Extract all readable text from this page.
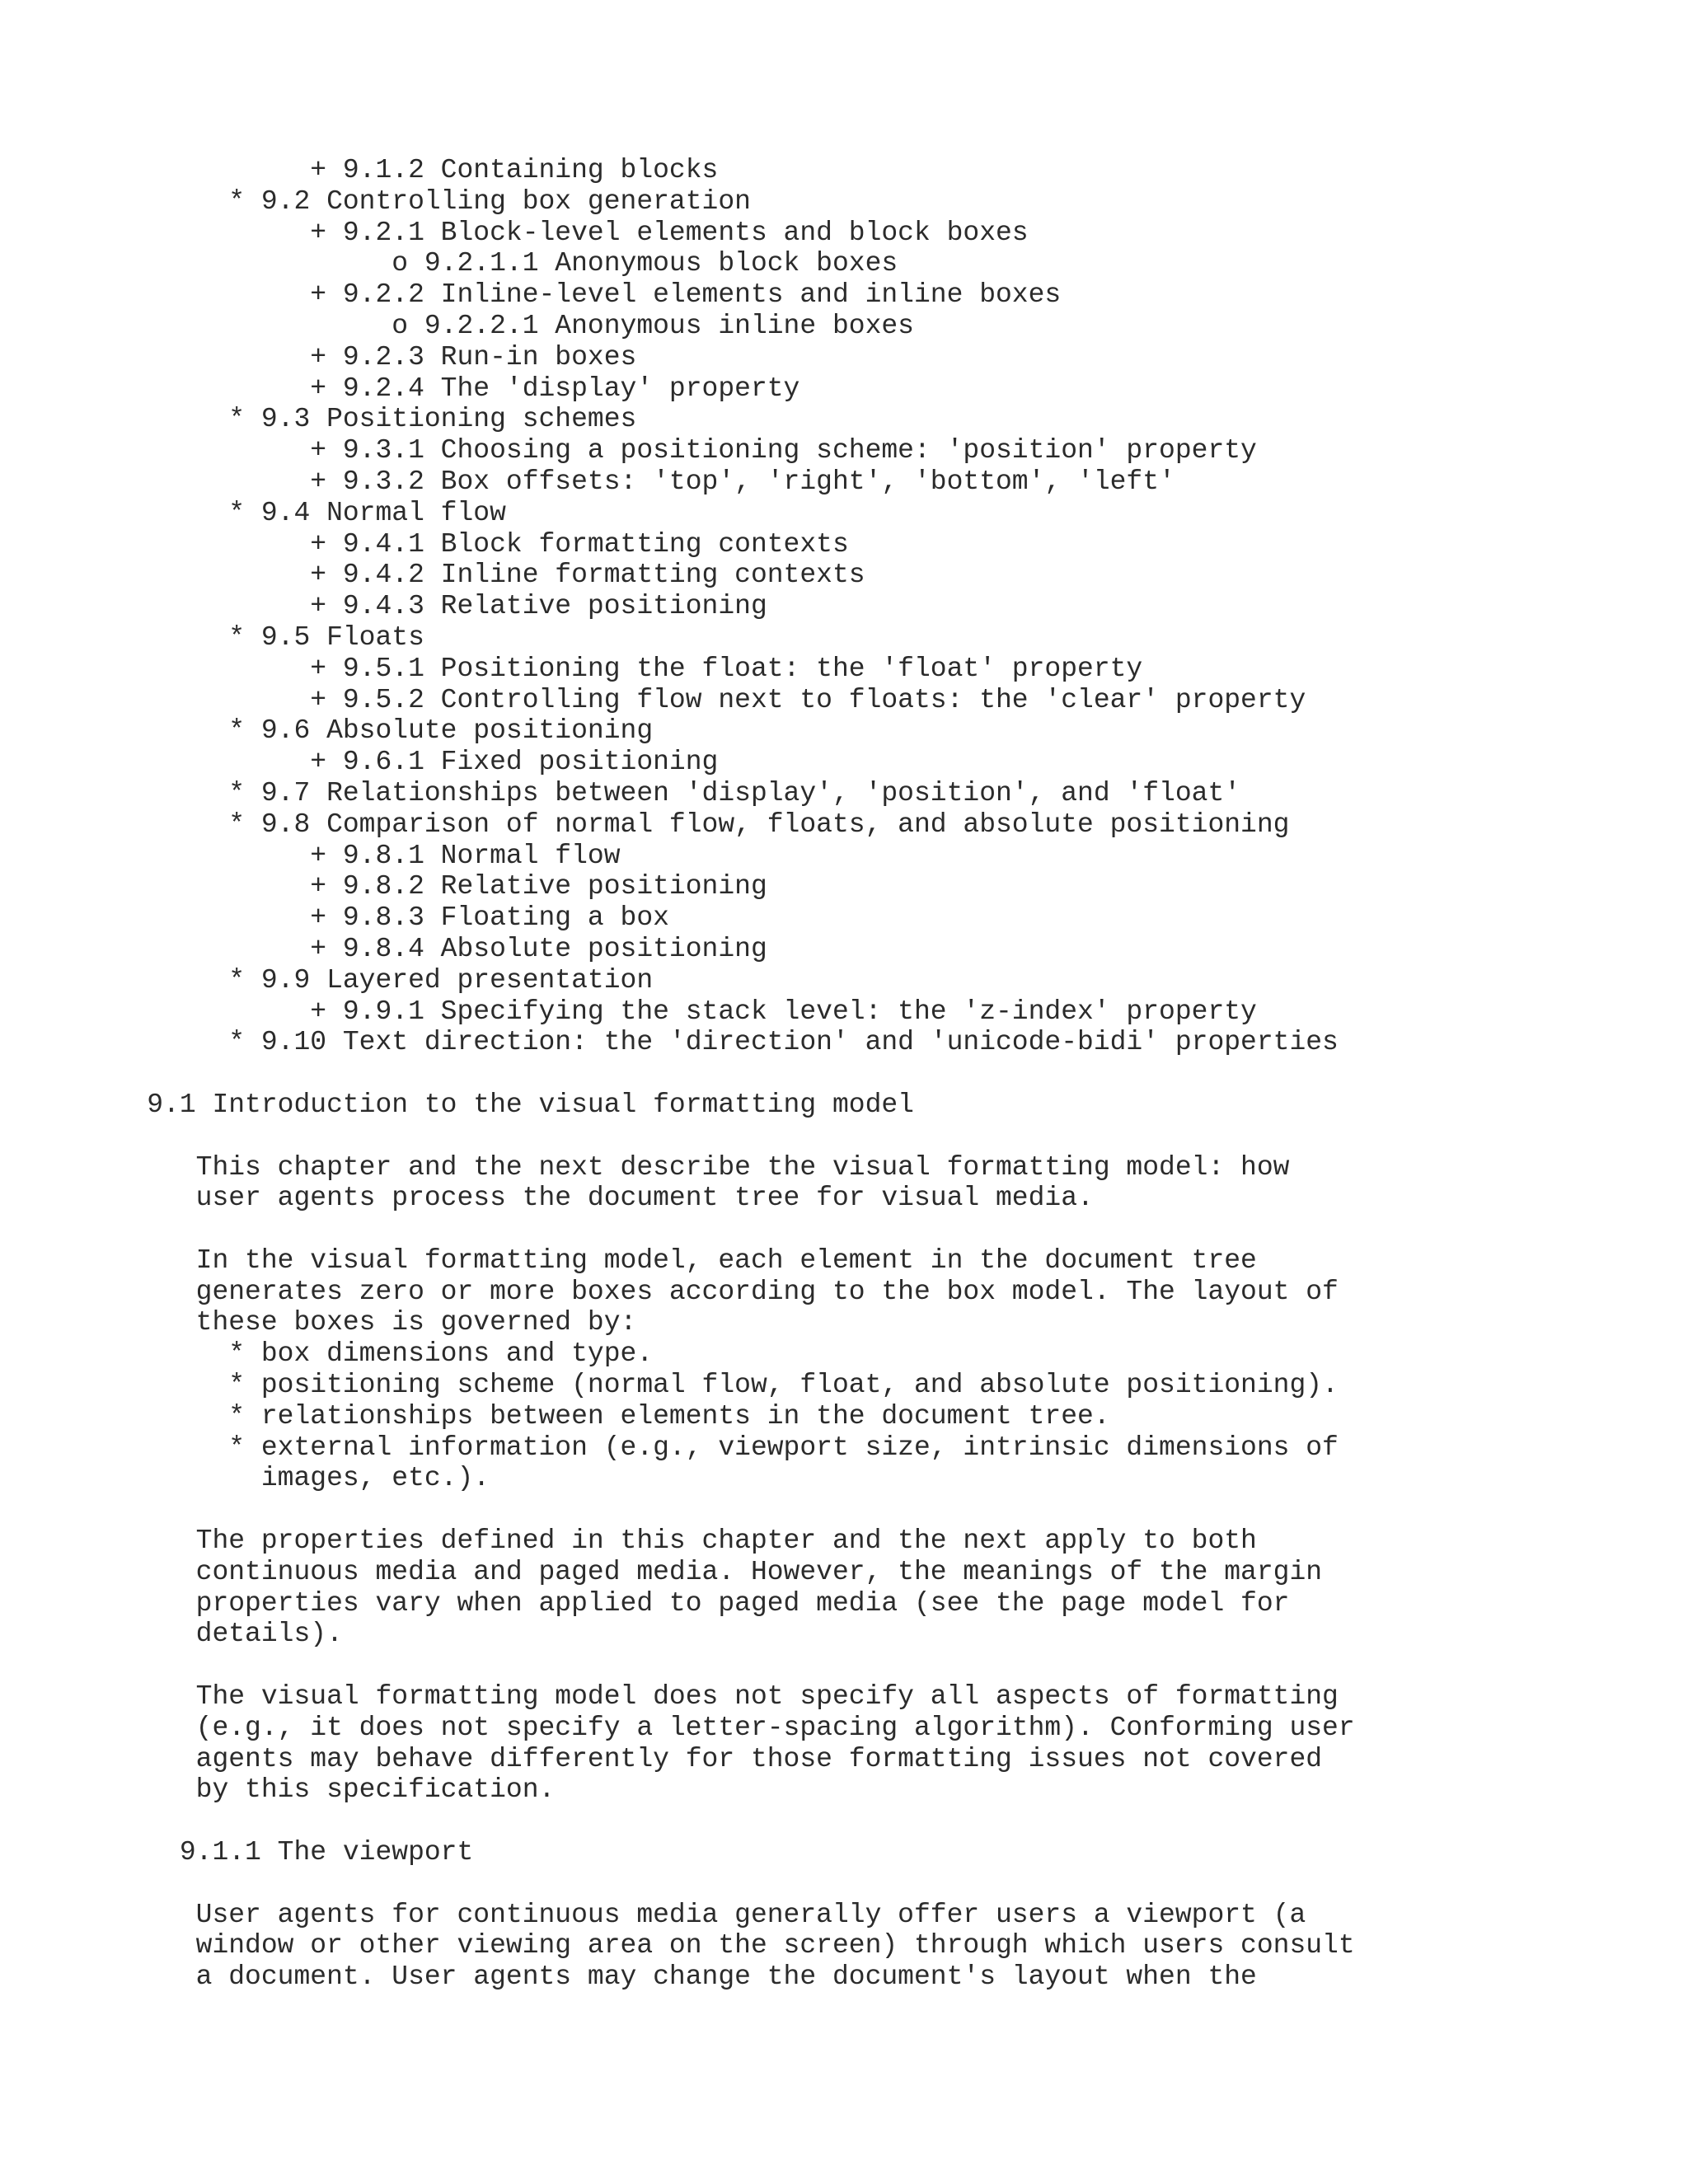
+ 9.1.2 Containing blocks
* 9.2 Controlling box generation
+ 9.2.1 Block-level elements and block boxes
o 9.2.1.1 Anonymous block boxes
+ 9.2.2 Inline-level elements and inline boxes
o 9.2.2.1 Anonymous inline boxes
+ 9.2.3 Run-in boxes
+ 9.2.4 The 'display' property
* 9.3 Positioning schemes
+ 9.3.1 Choosing a positioning scheme: 'position' property
+ 9.3.2 Box offsets: 'top', 'right', 'bottom', 'left'
* 9.4 Normal flow
+ 9.4.1 Block formatting contexts
+ 9.4.2 Inline formatting contexts
+ 9.4.3 Relative positioning
* 9.5 Floats
+ 9.5.1 Positioning the float: the 'float' property
+ 9.5.2 Controlling flow next to floats: the 'clear' property
* 9.6 Absolute positioning
+ 9.6.1 Fixed positioning
* 9.7 Relationships between 'display', 'position', and 'float'
* 9.8 Comparison of normal flow, floats, and absolute positioning
+ 9.8.1 Normal flow
+ 9.8.2 Relative positioning
+ 9.8.3 Floating a box
+ 9.8.4 Absolute positioning
* 9.9 Layered presentation
+ 9.9.1 Specifying the stack level: the 'z-index' property
* 9.10 Text direction: the 'direction' and 'unicode-bidi' properties

9.1 Introduction to the visual formatting model

This chapter and the next describe the visual formatting model: how
user agents process the document tree for visual media.

In the visual formatting model, each element in the document tree
generates zero or more boxes according to the box model. The layout of
these boxes is governed by:
* box dimensions and type.
* positioning scheme (normal flow, float, and absolute positioning).
* relationships between elements in the document tree.
* external information (e.g., viewport size, intrinsic dimensions of
images, etc.).

The properties defined in this chapter and the next apply to both
continuous media and paged media. However, the meanings of the margin
properties vary when applied to paged media (see the page model for
details).

The visual formatting model does not specify all aspects of formatting
(e.g., it does not specify a letter-spacing algorithm). Conforming user
agents may behave differently for those formatting issues not covered
by this specification.

9.1.1 The viewport

User agents for continuous media generally offer users a viewport (a
window or other viewing area on the screen) through which users consult
a document. User agents may change the document's layout when the
